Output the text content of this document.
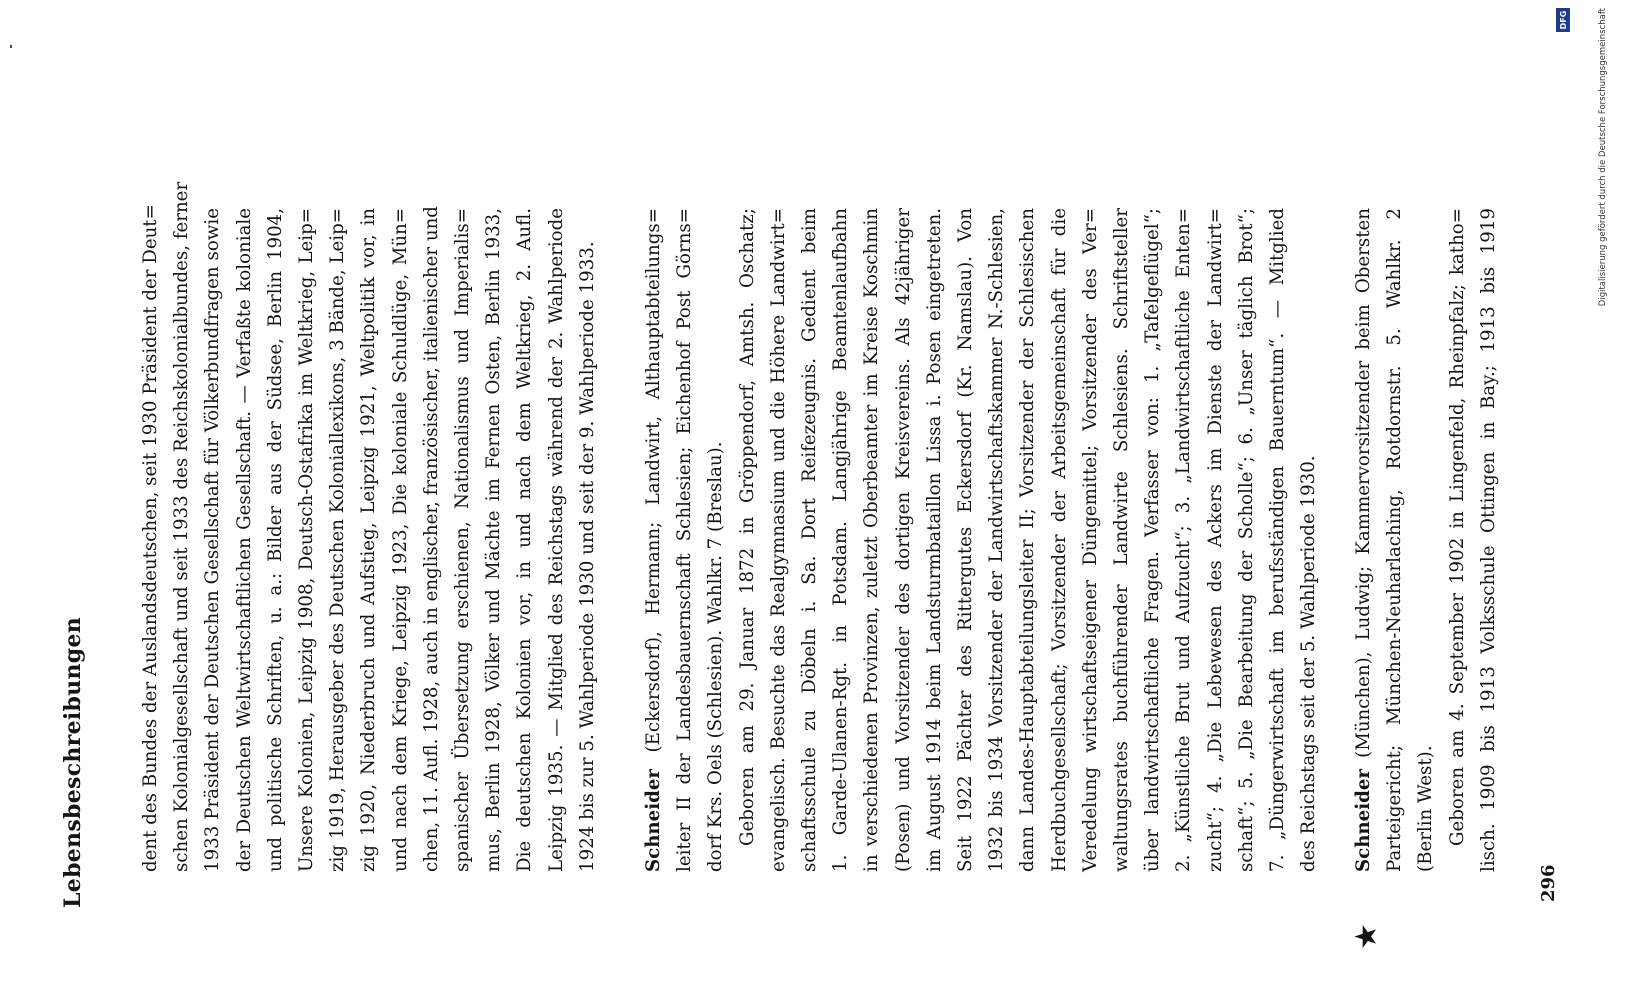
Lebensbeschreibungen	dent des Bundes der Auslandsdeutschen, seit 1930 Präsident der Deut= schen Kolonialgesellschaft und seit 1933 des Reichskolonialbundes, ferner 1933 Präsident der Deutschen Gesellschaft für Völkerbundfragen sowie der Deutschen Weltwirtschaftlichen Gesellschaft. — Verfaßte koloniale und politische Schriften, u. a.: Bilder aus der Südsee, Berlin 1904, Unsere Kolonien, Leipzig 1908, Deutsch-Ostafrika im Weltkrieg, Leip= zig 1919, Herausgeber des Deutschen Koloniallexikons, 3 Bände, Leip= zig 1920, Niederbruch und Aufstieg, Leipzig 1921, Weltpolitik vor, in und nach dem Kriege, Leipzig 1923, Die koloniale Schuldlüge, Mün= chen, 11. Aufl. 1928, auch in englischer, französischer, italienischer und spanischer Übersetzung erschienen, Nationalismus und Imperialis= mus, Berlin 1928, Völker und Mächte im Fernen Osten, Berlin 1933, Die deutschen Kolonien vor, in und nach dem Weltkrieg, 2. Aufl. Leipzig 1935. — Mitglied des Reichstags während der 2. Wahlperiode 1924 bis zur 5. Wahlperiode 1930 und seit der 9. Wahlperiode 1933. Schneider (Eckersdorf), Hermann; Landwirt, Althauptabteilungs= leiter II der Landesbauernschaft Schlesien; Eichenhof Post Görns= dorf Krs. Oels (Schlesien). Wahlkr. 7 (Breslau). Geboren am 29. Januar 1872 in Gröppendorf, Amtsh. Oschatz; evangelisch. Besuchte das Realgymnasium und die Höhere Landwirt= schaftsschule zu Döbeln i. Sa. Dort Reifezeugnis. Gedient beim 1. Garde-Ulanen-Rgt. in Potsdam. Langjährige Beamtenlaufbahn in verschiedenen Provinzen, zuletzt Oberbeamter im Kreise Koschmin (Posen) und Vorsitzender des dortigen Kreisvereins. Als 42jähriger im August 1914 beim Landsturmbataillon Lissa i. Posen eingetreten. Seit 1922 Pächter des Rittergutes Eckersdorf (Kr. Namslau). Von 1932 bis 1934 Vorsitzender der Landwirtschaftskammer N.-Schlesien, dann Landes-Hauptabteilungsleiter II; Vorsitzender der Schlesischen Herdbuchgesellschaft; Vorsitzender der Arbeitsgemeinschaft für die Veredelung wirtschaftseigener Düngemittel; Vorsitzender des Ver= waltungsrates buchführender Landwirte Schlesiens. Schriftsteller über landwirtschaftliche Fragen. Verfasser von: 1. „Tafelgeflügel“; 2. „Künstliche Brut und Aufzucht“; 3. „Landwirtschaftliche Enten= zucht“; 4. „Die Lebewesen des Ackers im Dienste der Landwirt= schaft“; 5. „Die Bearbeitung der Scholle“; 6. „Unser täglich Brot“; 7. „Düngerwirtschaft im berufsständigen Bauerntum“. — Mitglied des Reichstags seit der 5. Wahlperiode 1930.
★
Schneider (München), Ludwig; Kammervorsitzender beim Obersten Parteigericht; München-Neuharlaching, Rotdornstr. 5. Wahlkr. 2 (Berlin West). Geboren am 4. September 1902 in Lingenfeld, Rheinpfalz; katho= lisch. 1909 bis 1913 Volksschule Ottingen in Bay.; 1913 bis 1919
296
Digitalisierung gefördert durch die Deutsche Forschungsgemeinschaft
DFG
